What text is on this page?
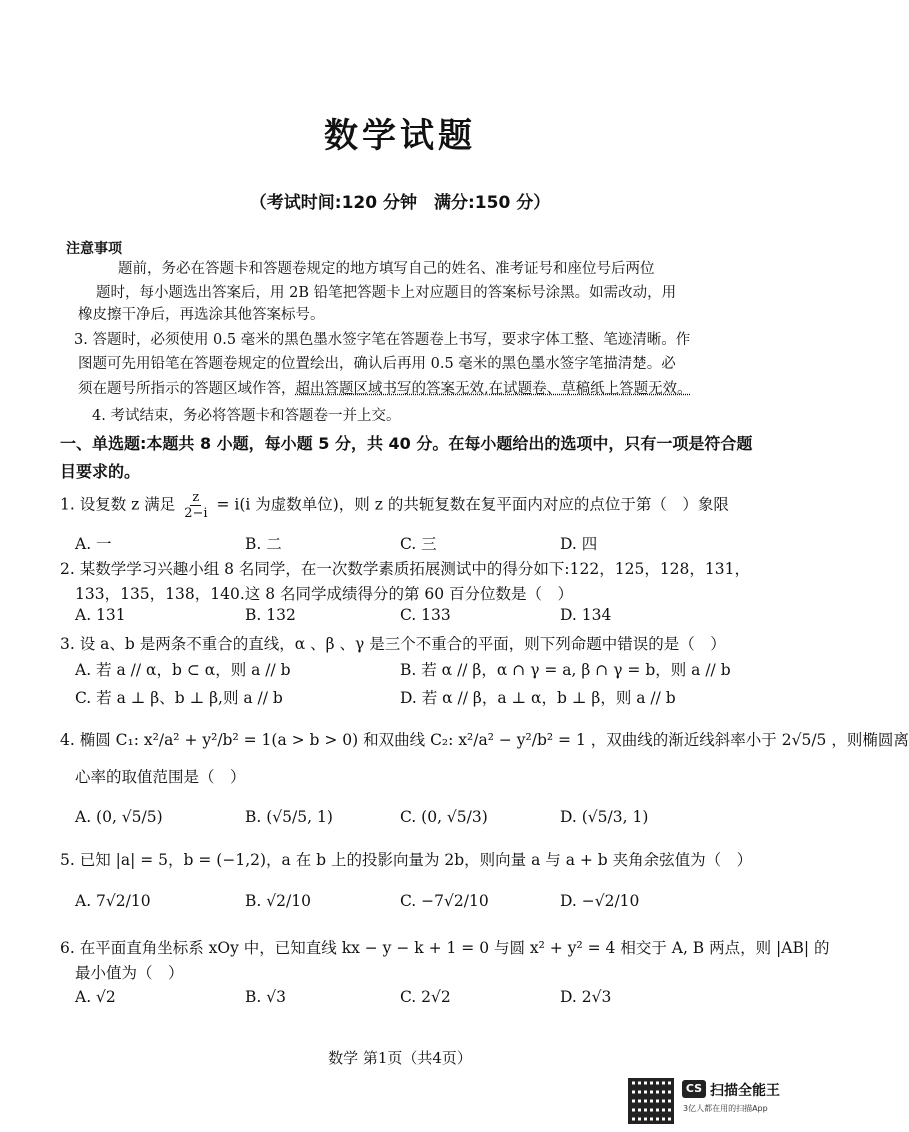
数学试题
（考试时间:120 分钟　满分:150 分）
注意事项
题前，务必在答题卡和答题卷规定的地方填写自己的姓名、准考证号和座位号后两位
题时，每小题选出答案后，用 2B 铅笔把答题卡上对应题目的答案标号涂黑。如需改动，用
橡皮擦干净后，再选涂其他答案标号。
3. 答题时，必须使用 0.5 毫米的黑色墨水签字笔在答题卷上书写，要求字体工整、笔迹清晰。作
图题可先用铅笔在答题卷规定的位置绘出，确认后再用 0.5 毫米的黑色墨水签字笔描清楚。必
须在题号所指示的答题区域作答，超出答题区域书写的答案无效,在试题卷、草稿纸上答题无效。
4. 考试结束，务必将答题卡和答题卷一并上交。
一、单选题:本题共 8 小题，每小题 5 分，共 40 分。在每小题给出的选项中，只有一项是符合题目要求的。
1. 设复数 z 满足 $\frac{z}{2-i} = i(i$ 为虚数单位)，则 z 的共轭复数在复平面内对应的点位于第（　）象限
A. 一	B. 二	C. 三	D. 四
2. 某数学学习兴趣小组 8 名同学，在一次数学素质拓展测试中的得分如下:122，125，128，131，
133，135，138，140.这 8 名同学成绩得分的第 60 百分位数是（　）
A. 131	B. 132	C. 133	D. 134
3. 设 a、b 是两条不重合的直线，α 、β 、γ 是三个不重合的平面，则下列命题中错误的是（　）
A. 若 a // α，b ⊂ α，则 a // b	B. 若 α // β，α ∩ γ = a, β ∩ γ = b，则 a // b
C. 若 a ⊥ β、b ⊥ β,则 a // b	D. 若 α // β，a ⊥ α，b ⊥ β，则 a // b
4. 椭圆 C₁: x²/a² + y²/b² = 1(a > b > 0) 和双曲线 C₂: x²/a² − y²/b² = 1 ，双曲线的渐近线斜率小于 2√5/5 ，则椭圆离
心率的取值范围是（　）
A. (0, √5/5)	B. (√5/5, 1)	C. (0, √5/3)	D. (√5/3, 1)
5. 已知 |a| = 5，b = (−1,2)，a 在 b 上的投影向量为 2b，则向量 a 与 a + b 夹角余弦值为（　）
A. 7√2/10	B. √2/10	C. −7√2/10	D. −√2/10
6. 在平面直角坐标系 xOy 中，已知直线 kx − y − k + 1 = 0 与圆 x² + y² = 4 相交于 A, B 两点，则 |AB| 的
最小值为（　）
A. √2	B. √3	C. 2√2	D. 2√3
数学 第1页（共4页）
CS 扫描全能王
3亿人都在用的扫描App
